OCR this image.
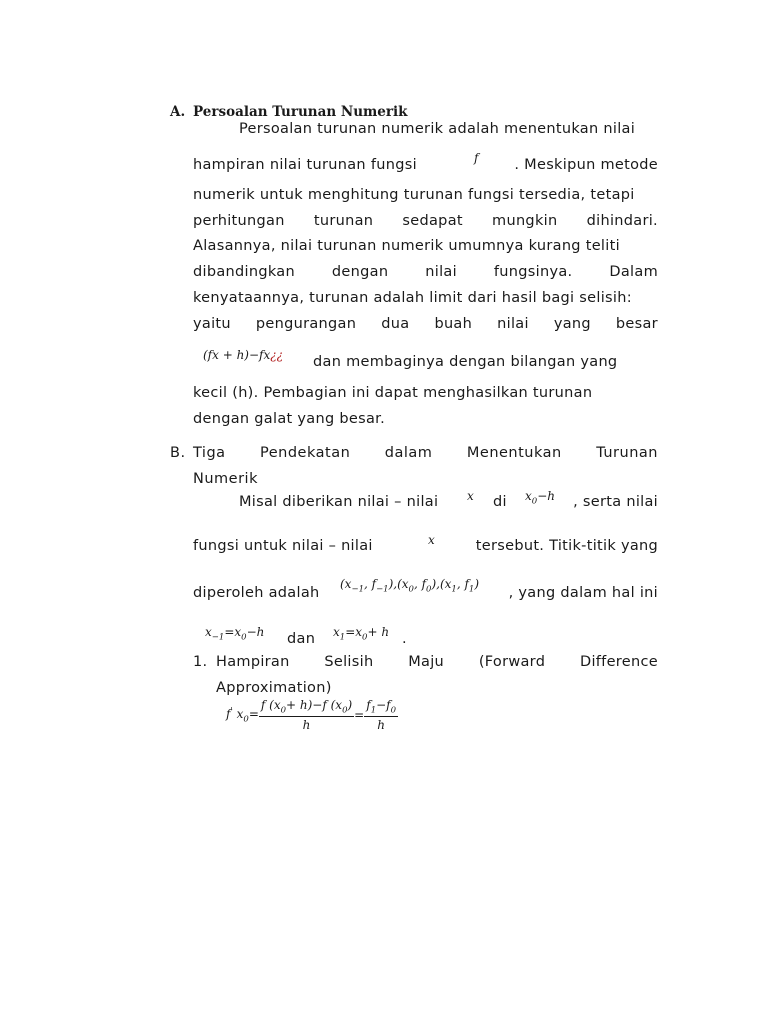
A. Persoalan Turunan Numerik
Persoalan turunan numerik adalah menentukan nilai
f
hampiran nilai turunan fungsi	. Meskipun metode
numerik untuk menghitung turunan fungsi tersedia, tetapi
perhitungan turunan sedapat mungkin dihindari.
Alasannya, nilai turunan numerik umumnya kurang teliti
dibandingkan	dengan	nilai	fungsinya.	Dalam
kenyataannya, turunan adalah limit dari hasil bagi selisih:
yaitu pengurangan dua buah nilai yang besar
(fx + h)−fx¿¿ dan membaginya dengan bilangan yang
kecil (h). Pembagian ini dapat menghasilkan turunan
dengan galat yang besar.
B. Tiga Pendekatan dalam Menentukan Turunan
Numerik
Misal diberikan nilai – nilai x di $x_0-h$	, serta nilai
fungsi untuk nilai – nilai	x	tersebut. Titik-titik yang
diperoleh adalah
($x_{-1}$, $f_{-1}),(x_0$, $f_0),(x_1$, $f_1$)
, yang dalam hal ini
$x_{-1}=x_0-h$ dan $x_1=x_0+ h$ .
1. Hampiran Selisih Maju (Forward Difference
Approximation)
f' $x_0= \frac{f (x_0+ h)-f (x_0)}{h} = \frac{f_1-f_0}{h}$
